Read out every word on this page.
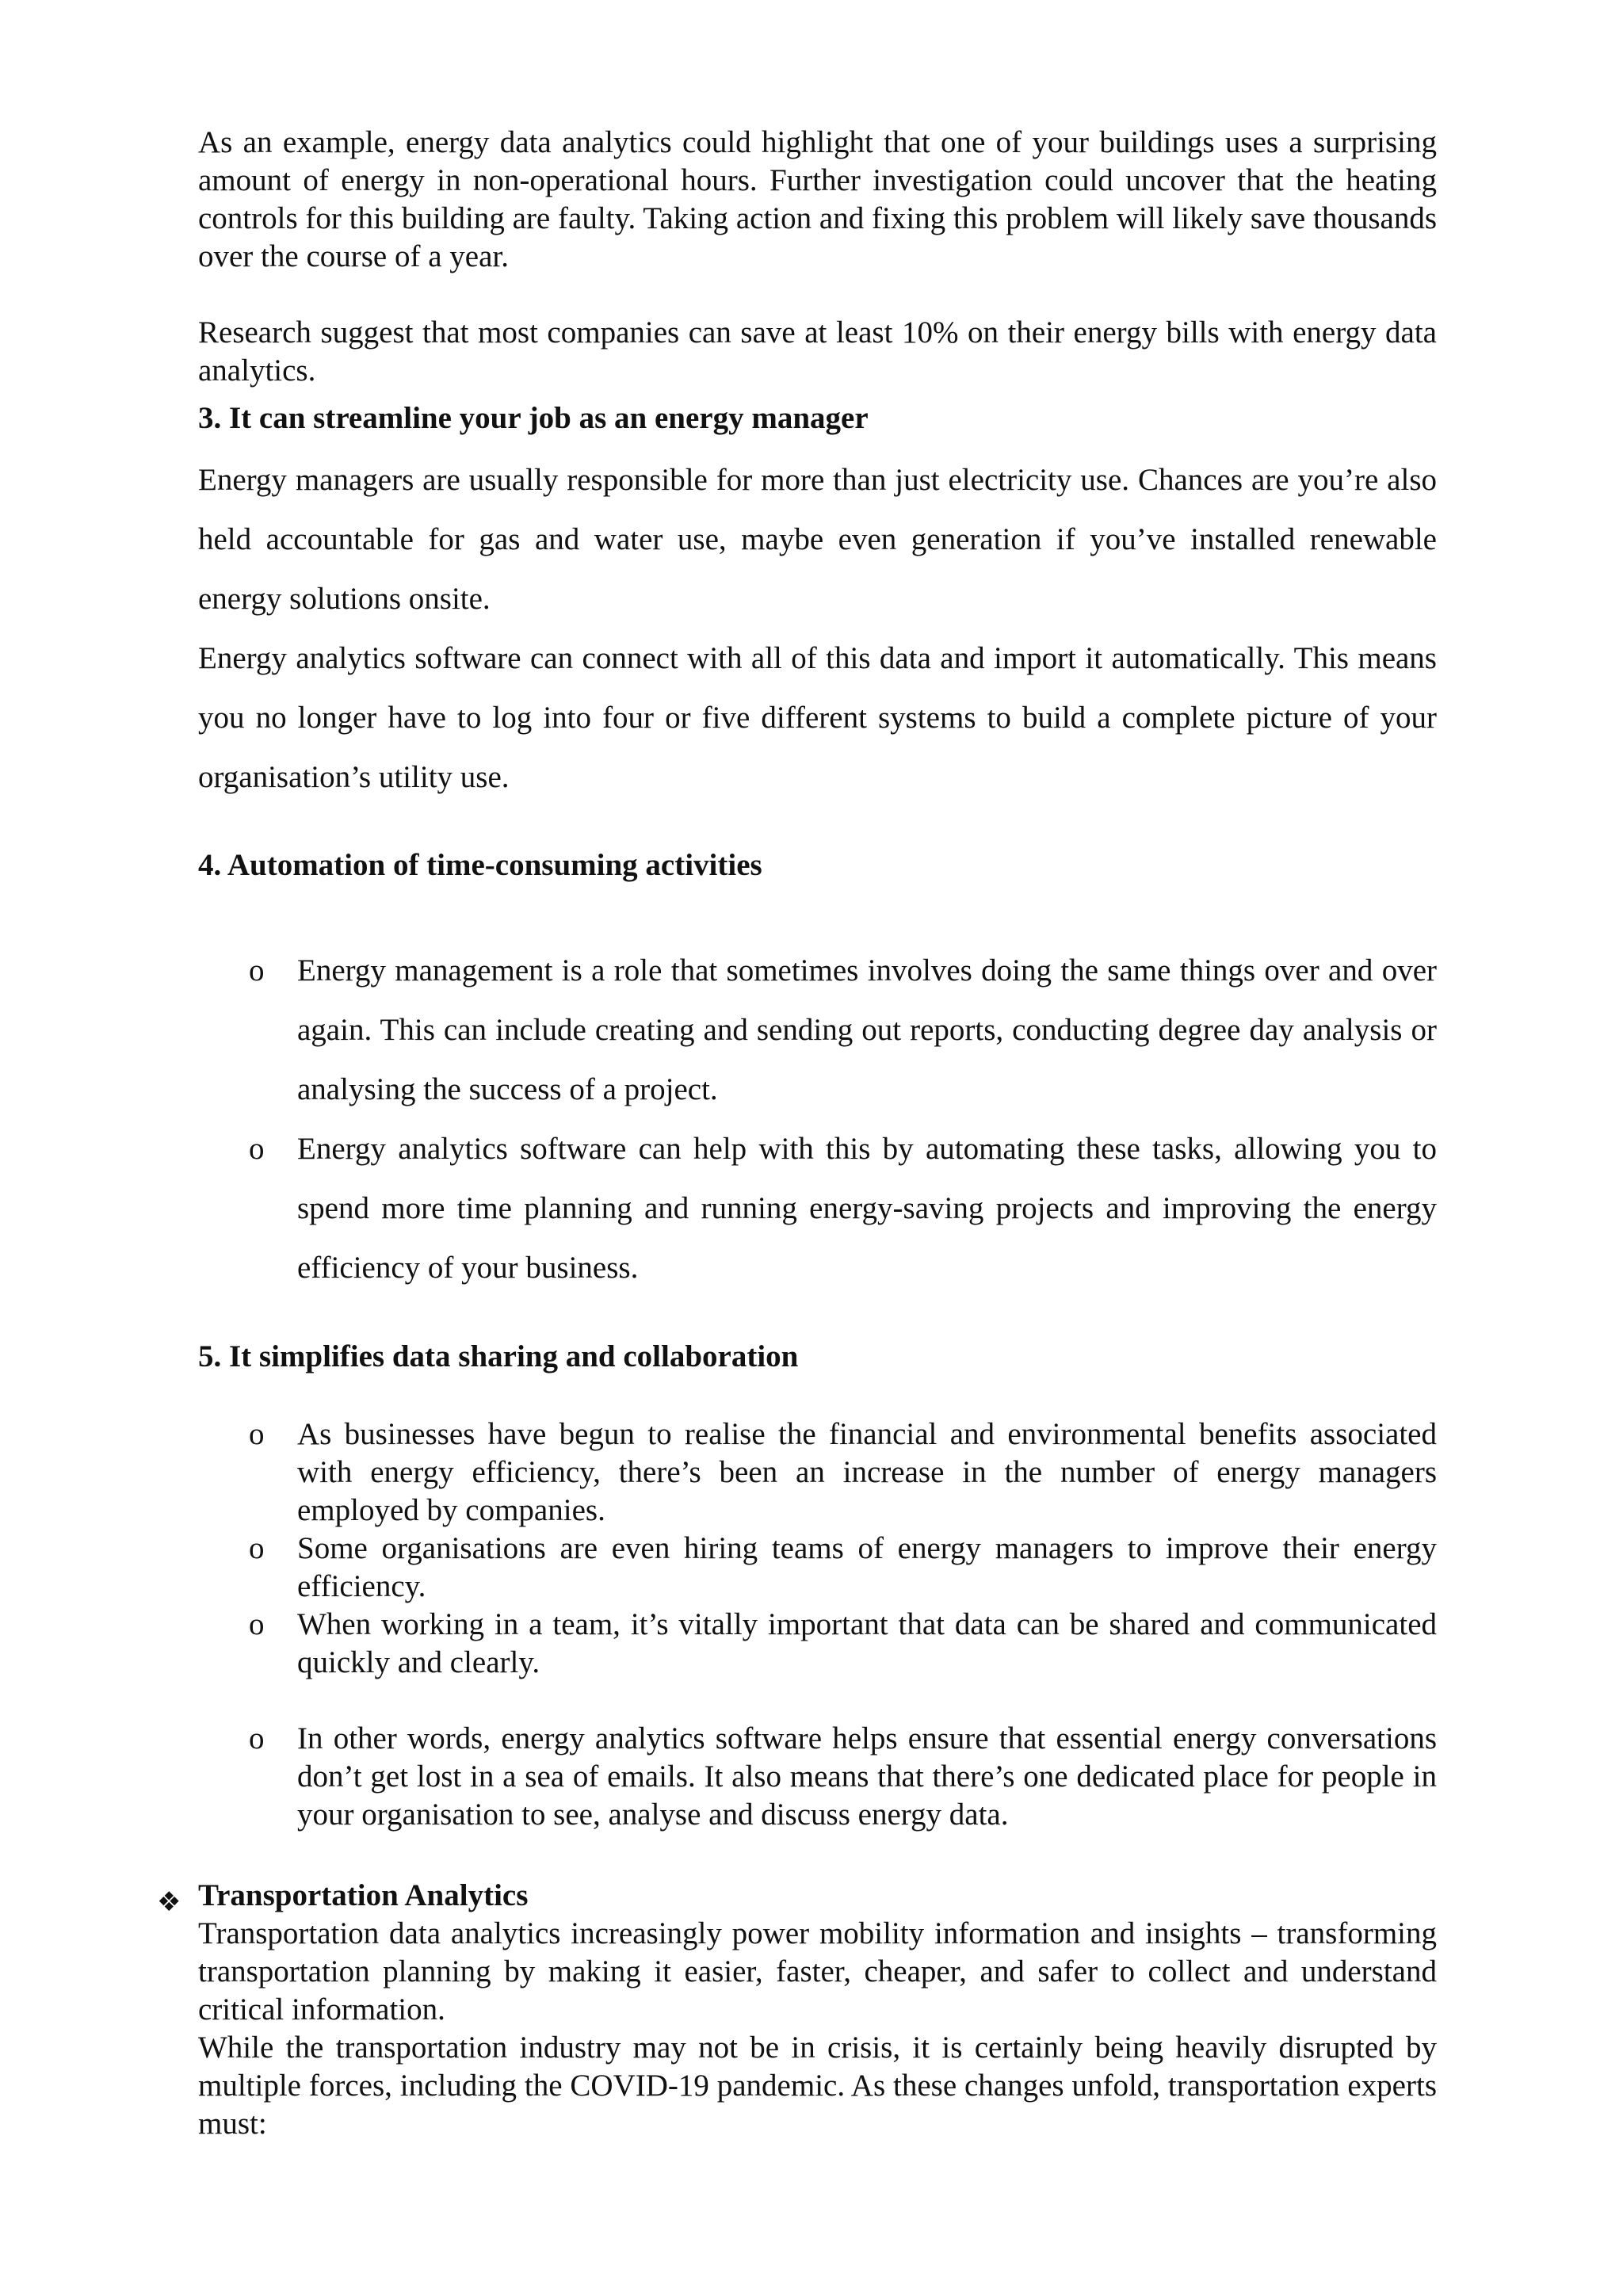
As an example, energy data analytics could highlight that one of your buildings uses a surprising amount of energy in non-operational hours. Further investigation could uncover that the heating controls for this building are faulty. Taking action and fixing this problem will likely save thousands over the course of a year.

Research suggest that most companies can save at least 10% on their energy bills with energy data analytics.

3. It can streamline your job as an energy manager

Energy managers are usually responsible for more than just electricity use. Chances are you’re also held accountable for gas and water use, maybe even generation if you’ve installed renewable energy solutions onsite.

Energy analytics software can connect with all of this data and import it automatically. This means you no longer have to log into four or five different systems to build a complete picture of your organisation’s utility use.

4. Automation of time-consuming activities
o Energy management is a role that sometimes involves doing the same things over and over again. This can include creating and sending out reports, conducting degree day analysis or analysing the success of a project.
o Energy analytics software can help with this by automating these tasks, allowing you to spend more time planning and running energy-saving projects and improving the energy efficiency of your business.
5. It simplifies data sharing and collaboration
o As businesses have begun to realise the financial and environmental benefits associated with energy efficiency, there’s been an increase in the number of energy managers employed by companies.
o Some organisations are even hiring teams of energy managers to improve their energy efficiency.
o When working in a team, it’s vitally important that data can be shared and communicated quickly and clearly.
o In other words, energy analytics software helps ensure that essential energy conversations don’t get lost in a sea of emails. It also means that there’s one dedicated place for people in your organisation to see, analyse and discuss energy data.
❖ Transportation Analytics

Transportation data analytics increasingly power mobility information and insights – transforming transportation planning by making it easier, faster, cheaper, and safer to collect and understand critical information.

While the transportation industry may not be in crisis, it is certainly being heavily disrupted by multiple forces, including the COVID-19 pandemic. As these changes unfold, transportation experts must:
